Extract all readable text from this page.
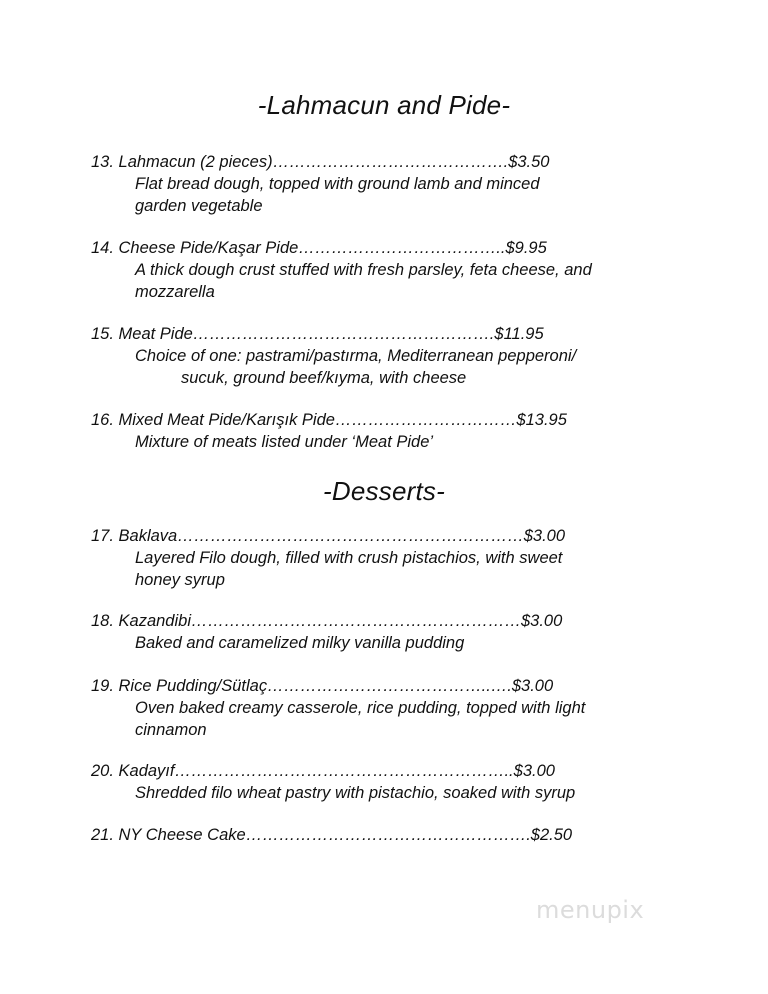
-Lahmacun and Pide-
13. Lahmacun (2 pieces)…………………………………….$3.50
Flat bread dough, topped with ground lamb and minced
garden vegetable
14. Cheese Pide/Kaşar Pide………………………………..$9.95
A thick dough crust stuffed with fresh parsley, feta cheese, and
mozzarella
15. Meat Pide……………………………………………….$11.95
Choice of one: pastrami/pastırma, Mediterranean pepperoni/
sucuk, ground beef/kıyma, with cheese
16. Mixed Meat Pide/Karışık Pide……………………………$13.95
Mixture of meats listed under ‘Meat Pide’
-Desserts-
17. Baklava………………………………………………………$3.00
Layered Filo dough, filled with crush pistachios, with sweet
honey syrup
18. Kazandibi……………………………………………………$3.00
Baked and caramelized milky vanilla pudding
19. Rice Pudding/Sütlaç…………………………………..….$3.00
Oven baked creamy casserole, rice pudding, topped with light
cinnamon
20. Kadayıf……………………………………………………..$3.00
Shredded filo wheat pastry with pistachio, soaked with syrup
21. NY Cheese Cake…………………………………………….$2.50
menupix
